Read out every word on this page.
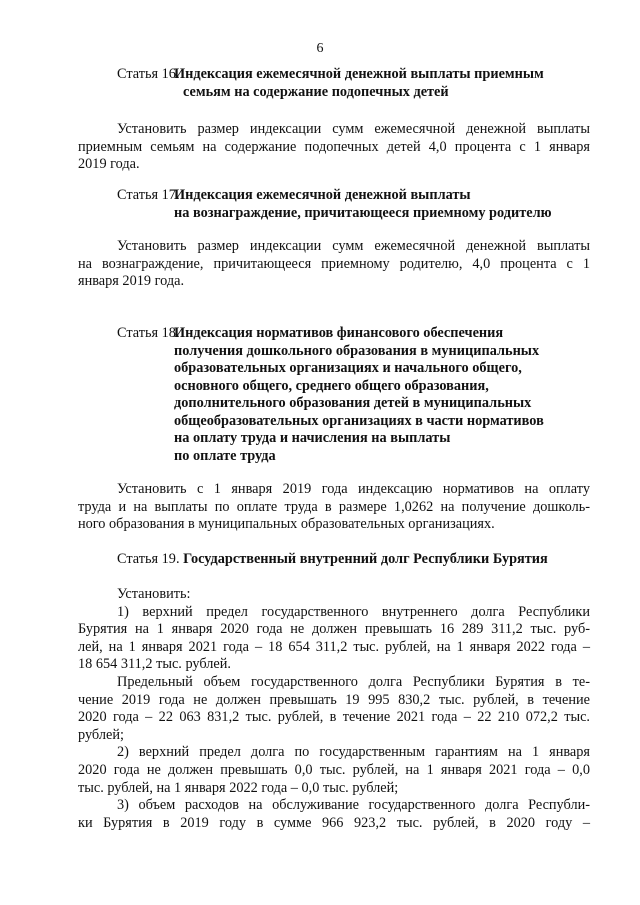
6
Статья 16.
Индексация ежемесячной денежной выплаты приемным
семьям на содержание подопечных детей
Установить размер индексации сумм ежемесячной денежной выплаты
приемным семьям на содержание подопечных детей 4,0 процента с 1 января
2019 года.
Статья 17.
Индексация ежемесячной денежной выплаты
на вознаграждение, причитающееся приемному родителю
Установить размер индексации сумм ежемесячной денежной выплаты
на вознаграждение, причитающееся приемному родителю, 4,0 процента с 1
января 2019 года.
Статья 18.
Индексация нормативов финансового обеспечения
получения дошкольного образования в муниципальных
образовательных организациях и начального общего,
основного общего, среднего общего образования,
дополнительного образования детей в муниципальных
общеобразовательных организациях в части нормативов
на оплату труда и начисления на выплаты
по оплате труда
Установить с 1 января 2019 года индексацию нормативов на оплату
труда и на выплаты по оплате труда в размере 1,0262 на получение дошколь-
ного образования в муниципальных образовательных организациях.
Статья 19. Государственный внутренний долг Республики Бурятия
Установить:
1) верхний предел государственного внутреннего долга Республики
Бурятия на 1 января 2020 года не должен превышать 16 289 311,2 тыс. руб-
лей, на 1 января 2021 года – 18 654 311,2 тыс. рублей, на 1 января 2022 года –
18 654 311,2 тыс. рублей.
Предельный объем государственного долга Республики Бурятия в те-
чение 2019 года не должен превышать 19 995 830,2 тыс. рублей, в течение
2020 года – 22 063 831,2 тыс. рублей, в течение 2021 года – 22 210 072,2 тыс.
рублей;
2) верхний предел долга по государственным гарантиям на 1 января
2020 года не должен превышать 0,0 тыс. рублей, на 1 января 2021 года – 0,0
тыс. рублей, на 1 января 2022 года – 0,0 тыс. рублей;
3) объем расходов на обслуживание государственного долга Республи-
ки Бурятия в 2019 году в сумме 966 923,2 тыс. рублей, в 2020 году –
